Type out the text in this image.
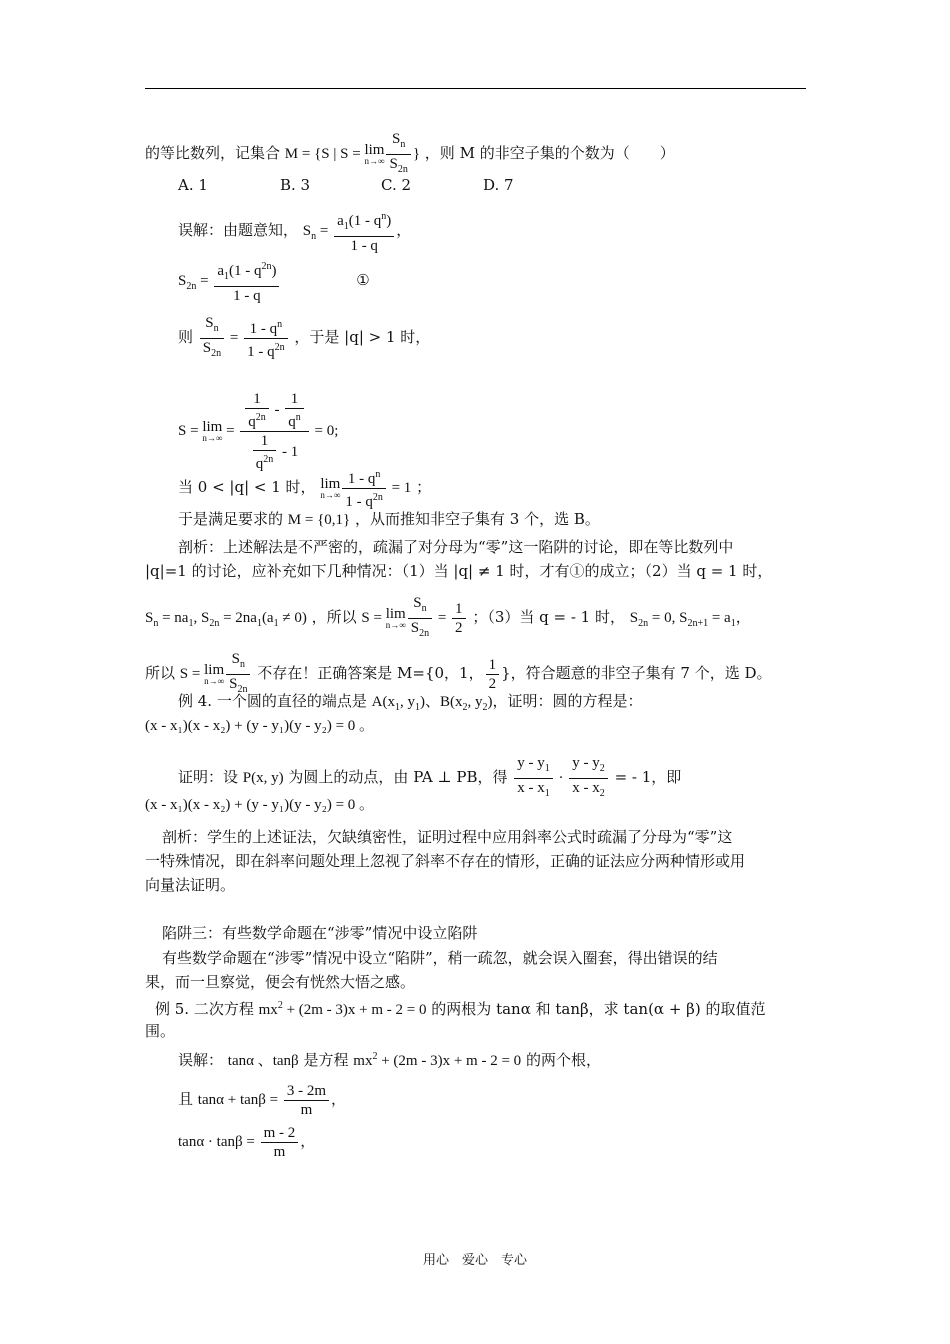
的等比数列，记集合 M = {S | S = lim
$n\to\infty \frac{S_n}{S_{2n}}$ } ，则 M 的非空子集的个数为（　　）
A. 1	B. 3	C. 2	D. 7
误解：由题意知， $S_n = \frac{a_1(1 - q^n)}{1 - q}$ ，
$S_{2n} = \frac{a_1(1 - q^{2n})}{1 - q}$	①
则 $\frac{S_n}{S_{2n}} = \frac{1 - q^n}{1 - q^{2n}}$ ，于是 |q| > 1 时，
S = lim
$n\to\infty = \frac{\frac{1}{q^{2n}} - \frac{1}{q^n}}{\frac{1}{q^{2n}} - 1} = 0$;
当 0 < |q| < 1 时， lim
$n\to\infty \frac{1 - q^n}{1 - q^{2n}} = 1$ ；
于是满足要求的 M = {0,1} ，从而推知非空子集有 3 个，选 B。
剖析：上述解法是不严密的，疏漏了对分母为“零”这一陷阱的讨论，即在等比数列中
|q|=1 的讨论，应补充如下几种情况：（1）当 |q| ≠ 1 时，才有①的成立；（2）当 q = 1 时，
$S_n = na_1$, $S_{2n} = 2na_1(a_1 \ne 0)$ ，所以 S = lim
$n\to\infty \frac{S_n}{S_{2n}} = \frac{1}{2}$ ；（3）当 q = - 1 时， $S_{2n} = 0$, $S_{2n+1} = a_1$，
所以 S = lim
$n\to\infty \frac{S_n}{S_{2n}}$ 不存在！正确答案是 M={0，1， $\frac{1}{2}$ }，符合题意的非空子集有 7 个，选 D。
例 4. 一个圆的直径的端点是 $A(x_1$, $y_1$)、$B(x_2$, $y_2$)，证明：圆的方程是：
(x - x₁)(x - x₂) + (y - y₁)(y - y₂) = 0 。
证明：设 P(x, y) 为圆上的动点，由 PA ⊥ PB，得 $\frac{y - y_1}{x - x_1} \cdot \frac{y - y_2}{x - x_2}$ = - 1，即
(x - x₁)(x - x₂) + (y - y₁)(y - y₂) = 0 。
剖析：学生的上述证法，欠缺缜密性，证明过程中应用斜率公式时疏漏了分母为“零”这
一特殊情况，即在斜率问题处理上忽视了斜率不存在的情形，正确的证法应分两种情形或用
向量法证明。
陷阱三：有些数学命题在“涉零”情况中设立陷阱
有些数学命题在“涉零”情况中设立“陷阱”，稍一疏忽，就会误入圈套，得出错误的结
果，而一旦察觉，便会有恍然大悟之感。
例 5. 二次方程 $mx^2 + (2m - 3)x + m - 2 = 0$ 的两根为 tanα 和 tanβ，求 tan(α + β) 的取值范
围。
误解： tanα 、tanβ 是方程 $mx^2 + (2m - 3)x + m - 2 = 0$ 的两个根，
且 $\tan\alpha + \tan\beta = \frac{3 - 2m}{m}$ ，
$\tan\alpha \cdot \tan\beta = \frac{m - 2}{m}$ ，
用心　爱心　专心
